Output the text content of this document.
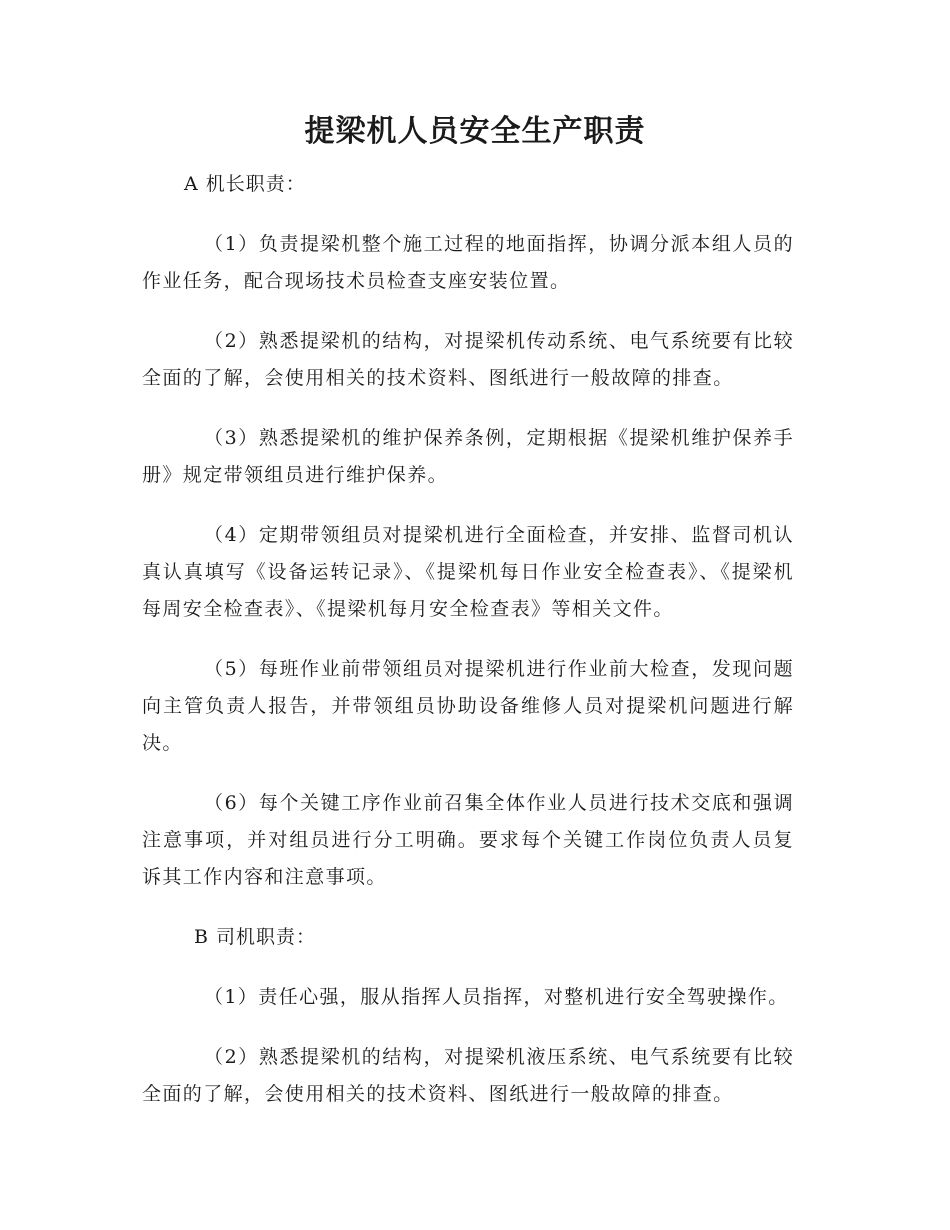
提梁机人员安全生产职责

A 机长职责：

（1）负责提梁机整个施工过程的地面指挥，协调分派本组人员的作业任务，配合现场技术员检查支座安装位置。

（2）熟悉提梁机的结构，对提梁机传动系统、电气系统要有比较全面的了解，会使用相关的技术资料、图纸进行一般故障的排查。

（3）熟悉提梁机的维护保养条例，定期根据《提梁机维护保养手册》规定带领组员进行维护保养。

（4）定期带领组员对提梁机进行全面检查，并安排、监督司机认真认真填写《设备运转记录》、《提梁机每日作业安全检查表》、《提梁机每周安全检查表》、《提梁机每月安全检查表》等相关文件。

（5）每班作业前带领组员对提梁机进行作业前大检查，发现问题向主管负责人报告，并带领组员协助设备维修人员对提梁机问题进行解决。

（6）每个关键工序作业前召集全体作业人员进行技术交底和强调注意事项，并对组员进行分工明确。要求每个关键工作岗位负责人员复诉其工作内容和注意事项。

B 司机职责：

（1）责任心强，服从指挥人员指挥，对整机进行安全驾驶操作。

（2）熟悉提梁机的结构，对提梁机液压系统、电气系统要有比较全面的了解，会使用相关的技术资料、图纸进行一般故障的排查。
